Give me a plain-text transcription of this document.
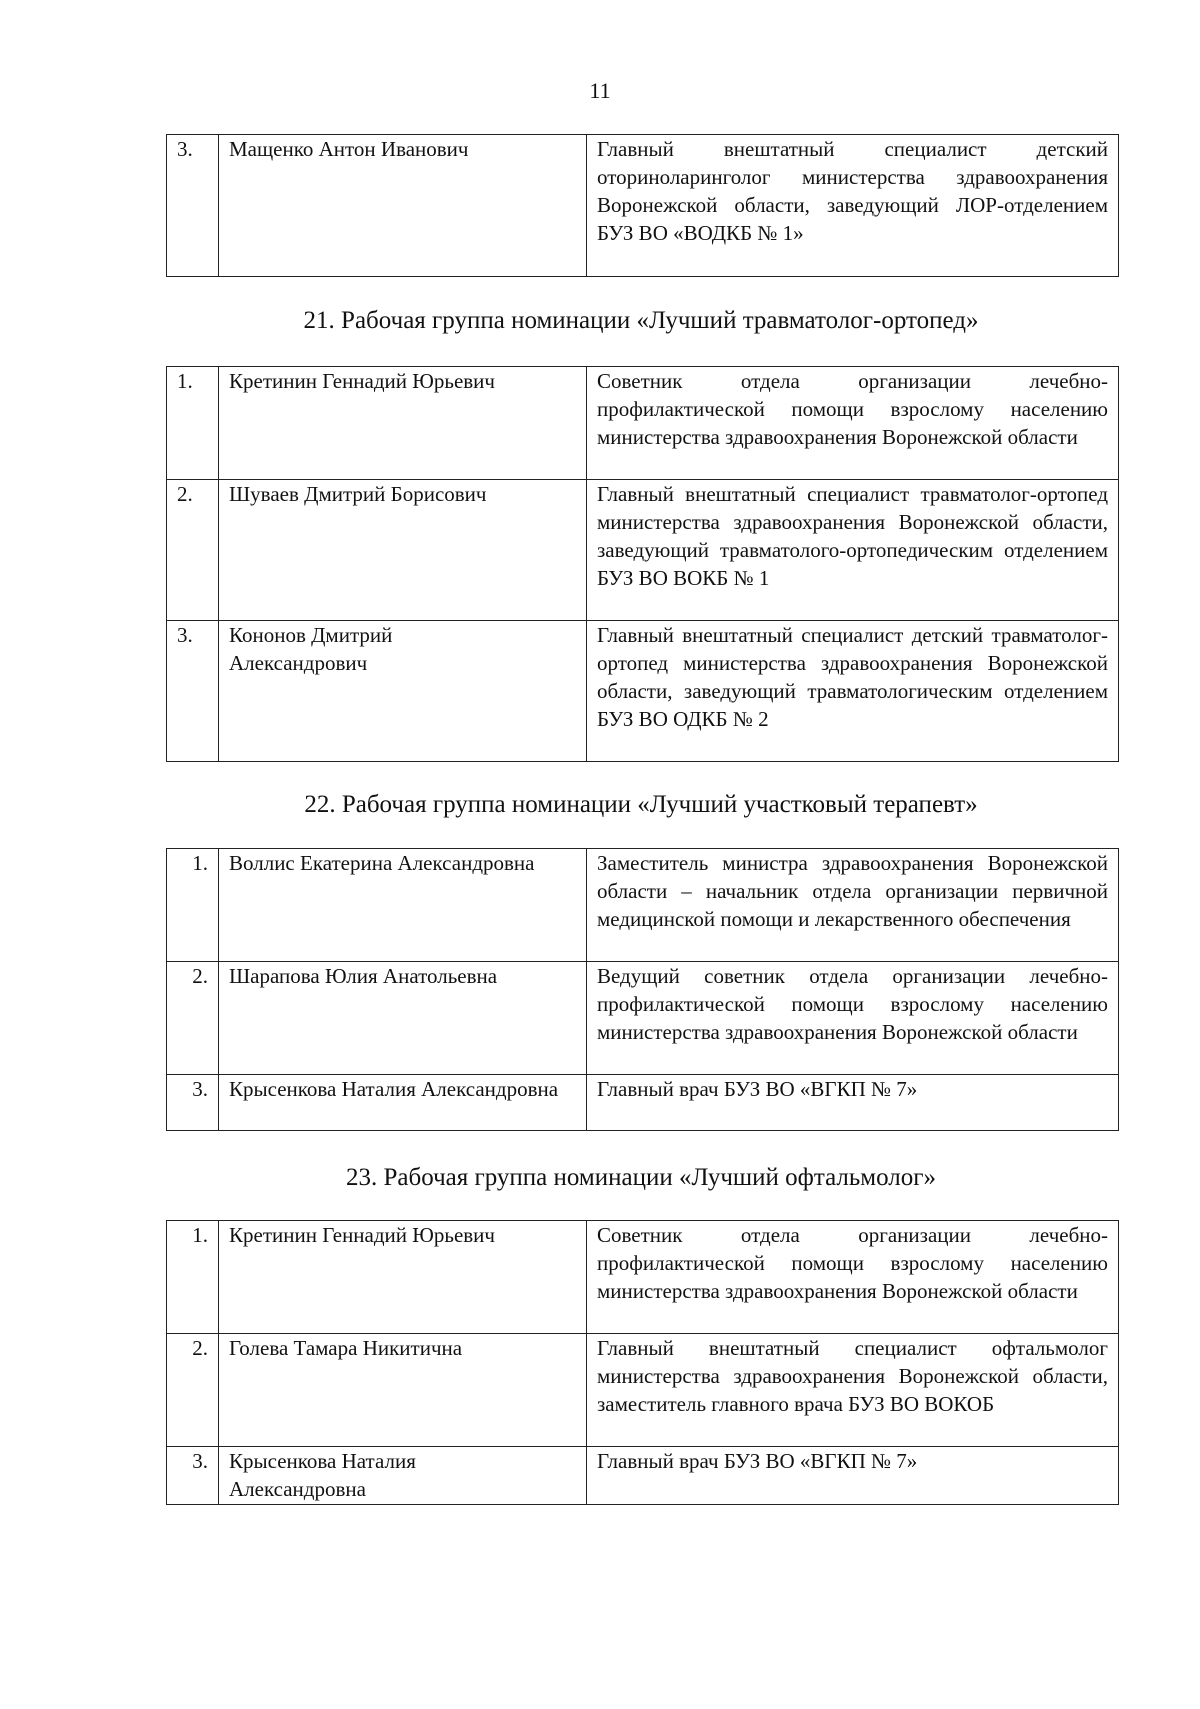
11
3.	Мащенко Антон Иванович	Главный внештатный специалист детский оториноларинголог министерства здравоохранения Воронежской области, заведующий ЛОР-отделением БУЗ ВО «ВОДКБ № 1»
21. Рабочая группа номинации «Лучший травматолог-ортопед»
1.	Кретинин Геннадий Юрьевич	Советник отдела организации лечебно-профилактической помощи взрослому населению министерства здравоохранения Воронежской области
2.	Шуваев Дмитрий Борисович	Главный внештатный специалист травматолог-ортопед министерства здравоохранения Воронежской области, заведующий травматолого-ортопедическим отделением БУЗ ВО ВОКБ № 1
3.	Кононов Дмитрий Александрович	Главный внештатный специалист детский травматолог-ортопед министерства здравоохранения Воронежской области, заведующий травматологическим отделением БУЗ ВО ОДКБ № 2
22. Рабочая группа номинации «Лучший участковый терапевт»
1.	Воллис Екатерина Александровна	Заместитель министра здравоохранения Воронежской области – начальник отдела организации первичной медицинской помощи и лекарственного обеспечения
2.	Шарапова Юлия Анатольевна	Ведущий советник отдела организации лечебно-профилактической помощи взрослому населению министерства здравоохранения Воронежской области
3.	Крысенкова Наталия Александровна	Главный врач БУЗ ВО «ВГКП № 7»
23. Рабочая группа номинации «Лучший офтальмолог»
1.	Кретинин Геннадий Юрьевич	Советник отдела организации лечебно-профилактической помощи взрослому населению министерства здравоохранения Воронежской области
2.	Голева Тамара Никитична	Главный внештатный специалист офтальмолог министерства здравоохранения Воронежской области, заместитель главного врача БУЗ ВО ВОКОБ
3.	Крысенкова Наталия Александровна	Главный врач БУЗ ВО «ВГКП № 7»
